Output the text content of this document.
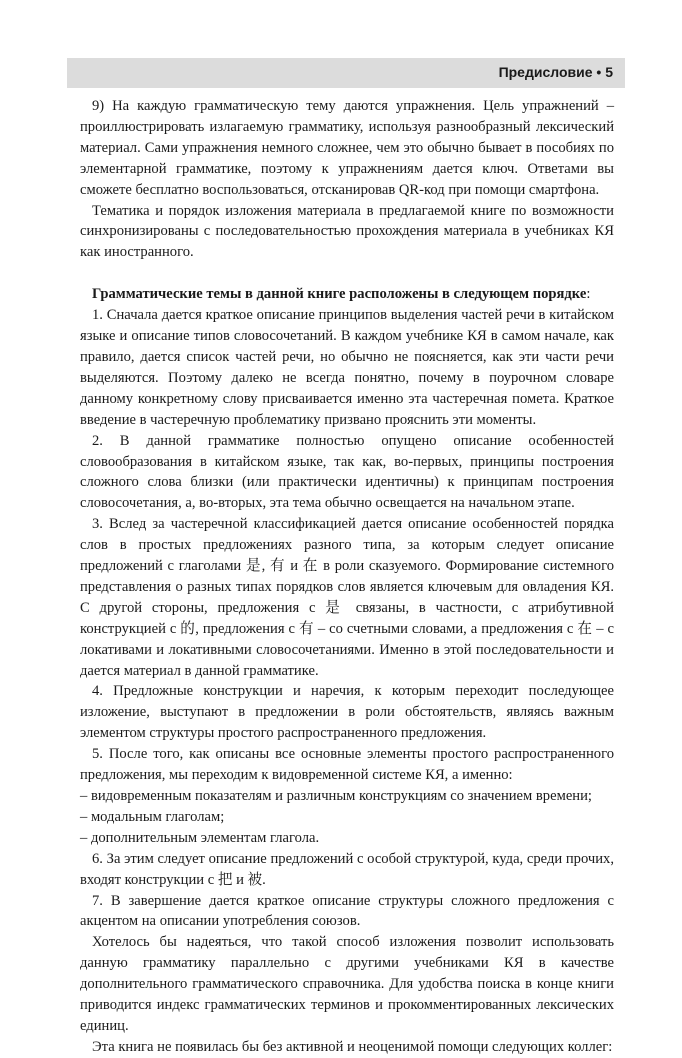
Предисловие • 5

9) На каждую грамматическую тему даются упражнения. Цель упражнений – проиллюстрировать излагаемую грамматику, используя разнообразный лексический материал. Сами упражнения немного сложнее, чем это обычно бывает в пособиях по элементарной грамматике, поэтому к упражнениям дается ключ. Ответами вы сможете бесплатно воспользоваться, отсканировав QR-код при помощи смартфона.

Тематика и порядок изложения материала в предлагаемой книге по возможности синхронизированы с последовательностью прохождения материала в учебниках КЯ как иностранного.

Грамматические темы в данной книге расположены в следующем порядке:

1. Сначала дается краткое описание принципов выделения частей речи в китайском языке и описание типов словосочетаний. В каждом учебнике КЯ в самом начале, как правило, дается список частей речи, но обычно не поясняется, как эти части речи выделяются. Поэтому далеко не всегда понятно, почему в поурочном словаре данному конкретному слову присваивается именно эта частеречная помета. Краткое введение в частеречную проблематику призвано прояснить эти моменты.

2. В данной грамматике полностью опущено описание особенностей словообразования в китайском языке, так как, во-первых, принципы построения сложного слова близки (или практически идентичны) к принципам построения словосочетания, а, во-вторых, эта тема обычно освещается на начальном этапе.

3. Вслед за частеречной классификацией дается описание особенностей порядка слов в простых предложениях разного типа, за которым следует описание предложений с глаголами 是, 有 и 在 в роли сказуемого. Формирование системного представления о разных типах порядков слов является ключевым для овладения КЯ. С другой стороны, предложения с 是 связаны, в частности, с атрибутивной конструкцией с 的, предложения с 有 – со счетными словами, а предложения с 在 – с локативами и локативными словосочетаниями. Именно в этой последовательности и дается материал в данной грамматике.

4. Предложные конструкции и наречия, к которым переходит последующее изложение, выступают в предложении в роли обстоятельств, являясь важным элементом структуры простого распространенного предложения.

5. После того, как описаны все основные элементы простого распространенного предложения, мы переходим к видовременной системе КЯ, а именно:

– видовременным показателям и различным конструкциям со значением времени;

– модальным глаголам;

– дополнительным элементам глагола.

6. За этим следует описание предложений с особой структурой, куда, среди прочих, входят конструкции с 把 и 被.

7. В завершение дается краткое описание структуры сложного предложения с акцентом на описании употребления союзов.

Хотелось бы надеяться, что такой способ изложения позволит использовать данную грамматику параллельно с другими учебниками КЯ в качестве дополнительного грамматического справочника. Для удобства поиска в конце книги приводится индекс грамматических терминов и прокомментированных лексических единиц.

Эта книга не появилась бы без активной и неоценимой помощи следующих коллег:
